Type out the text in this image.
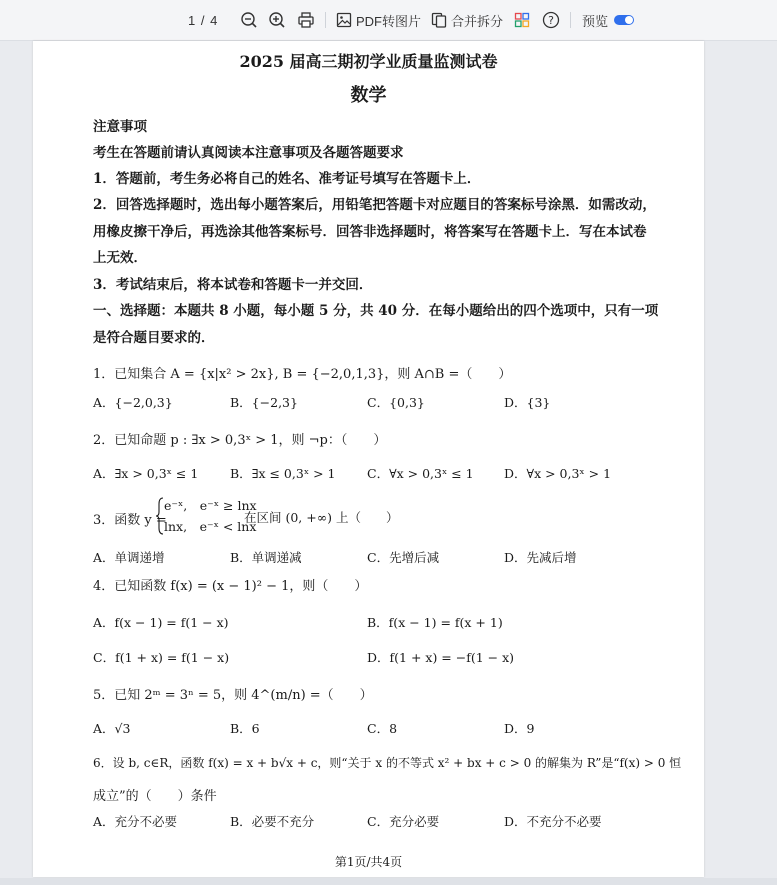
1 / 4	PDF转图片 合并拆分	? 预览
2025 届高三期初学业质量监测试卷
数学
注意事项
考生在答题前请认真阅读本注意事项及各题答题要求
1．答题前，考生务必将自己的姓名、准考证号填写在答题卡上．
2．回答选择题时，选出每小题答案后，用铅笔把答题卡对应题目的答案标号涂黑．如需改动，
用橡皮擦干净后，再选涂其他答案标号．回答非选择题时，将答案写在答题卡上．写在本试卷
上无效．
3．考试结束后，将本试卷和答题卡一并交回．
一、选择题：本题共 8 小题，每小题 5 分，共 40 分．在每小题给出的四个选项中，只有一项
是符合题目要求的．
1．已知集合 A = {x|x² > 2x}, B = {−2,0,1,3}，则 A∩B =（　　）
A．{−2,0,3}	B．{−2,3}	C．{0,3}	D．{3}
2．已知命题 p : ∃x > 0,3ˣ > 1，则 ¬p：（　　）
A．∃x > 0,3ˣ ≤ 1	B．∃x ≤ 0,3ˣ > 1	C．∀x > 0,3ˣ ≤ 1 D．∀x > 0,3ˣ > 1
3．函数 y =
e⁻ˣ,　e⁻ˣ ≥ lnx
lnx,　e⁻ˣ < lnx
在区间 (0, +∞) 上（　　）
A．单调递增	B．单调递减	C．先增后减	D．先减后增
4．已知函数 f(x) = (x − 1)² − 1，则（　　）
A．f(x − 1) = f(1 − x)	B．f(x − 1) = f(x + 1)
C．f(1 + x) = f(1 − x)	D．f(1 + x) = −f(1 − x)
5．已知 2ᵐ = 3ⁿ = 5，则 4^(m/n) =（　　）
A．√3	B．6	C．8	D．9
6．设 b, c∈R，函数 f(x) = x + b√x + c，则“关于 x 的不等式 x² + bx + c > 0 的解集为 R”是“f(x) > 0 恒
成立”的（　　）条件
A．充分不必要	B．必要不充分	C．充分必要	D．不充分不必要
第1页/共4页
